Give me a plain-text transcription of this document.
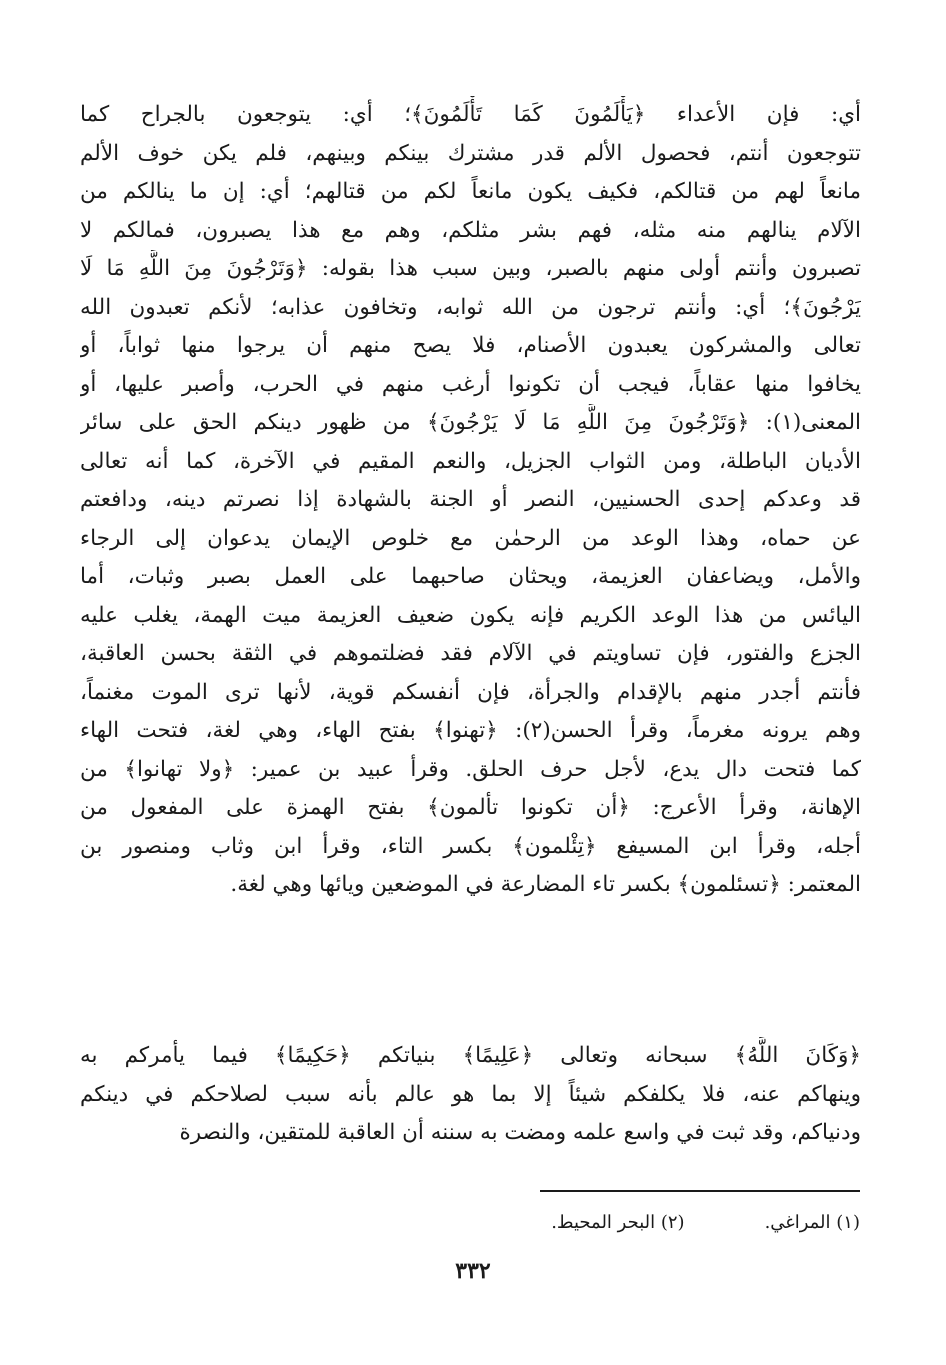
أي: فإن الأعداء ﴿يَأْلَمُونَ كَمَا تَأْلَمُونَ﴾؛ أي: يتوجعون بالجراح كما
تتوجعون أنتم، فحصول الألم قدر مشترك بينكم وبينهم، فلم يكن خوف الألم
مانعاً لهم من قتالكم، فكيف يكون مانعاً لكم من قتالهم؛ أي: إن ما ينالكم من
الآلام ينالهم منه مثله، فهم بشر مثلكم، وهم مع هذا يصبرون، فمالكم لا
تصبرون وأنتم أولى منهم بالصبر، وبين سبب هذا بقوله: ﴿وَتَرْجُونَ مِنَ اللَّهِ مَا لَا
يَرْجُونَ﴾؛ أي: وأنتم ترجون من الله ثوابه، وتخافون عذابه؛ لأنكم تعبدون الله
تعالى والمشركون يعبدون الأصنام، فلا يصح منهم أن يرجوا منها ثواباً، أو
يخافوا منها عقاباً، فيجب أن تكونوا أرغب منهم في الحرب، وأصبر عليها، أو
المعنى(١): ﴿وَتَرْجُونَ مِنَ اللَّهِ مَا لَا يَرْجُونَ﴾ من ظهور دينكم الحق على سائر
الأديان الباطلة، ومن الثواب الجزيل، والنعم المقيم في الآخرة، كما أنه تعالى
قد وعدكم إحدى الحسنيين، النصر أو الجنة بالشهادة إذا نصرتم دينه، ودافعتم
عن حماه، وهذا الوعد من الرحمٰن مع خلوص الإيمان يدعوان إلى الرجاء
والأمل، ويضاعفان العزيمة، ويحثان صاحبهما على العمل بصبر وثبات، أما
اليائس من هذا الوعد الكريم فإنه يكون ضعيف العزيمة ميت الهمة، يغلب عليه
الجزع والفتور، فإن تساويتم في الآلام فقد فضلتموهم في الثقة بحسن العاقبة،
فأنتم أجدر منهم بالإقدام والجرأة، فإن أنفسكم قوية، لأنها ترى الموت مغنماً،
وهم يرونه مغرماً، وقرأ الحسن(٢): ﴿تهنوا﴾ بفتح الهاء، وهي لغة، فتحت الهاء
كما فتحت دال يدع، لأجل حرف الحلق. وقرأ عبيد بن عمير: ﴿ولا تهانوا﴾ من
الإهانة، وقرأ الأعرج: ﴿أن تكونوا تألمون﴾ بفتح الهمزة على المفعول من
أجله، وقرأ ابن المسيفع ﴿تِئْلمون﴾ بكسر التاء، وقرأ ابن وثاب ومنصور بن
المعتمر: ﴿تسئلمون﴾ بكسر تاء المضارعة في الموضعين ويائها وهي لغة.
﴿وَكَانَ اللَّهُ﴾ سبحانه وتعالى ﴿عَلِيمًا﴾ بنياتكم ﴿حَكِيمًا﴾ فيما يأمركم به
وينهاكم عنه، فلا يكلفكم شيئاً إلا بما هو عالم بأنه سبب لصلاحكم في دينكم
ودنياكم، وقد ثبت في واسع علمه ومضت به سننه أن العاقبة للمتقين، والنصرة
(١) المراغي.(٢) البحر المحيط.
٣٣٢
